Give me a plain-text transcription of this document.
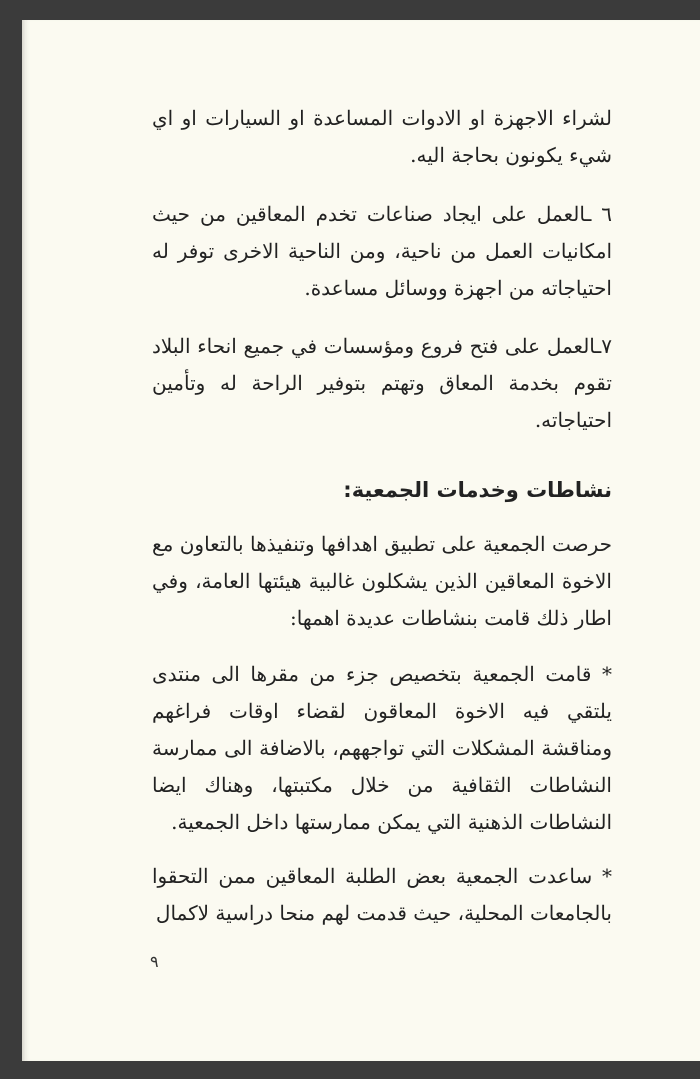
لشراء الاجهزة او الادوات المساعدة او السيارات او اي شيء يكونون بحاجة اليه.

٦ ـالعمل على ايجاد صناعات تخدم المعاقين من حيث امكانيات العمل من ناحية، ومن الناحية الاخرى توفر له احتياجاته من اجهزة ووسائل مساعدة.

٧ـالعمل على فتح فروع ومؤسسات في جميع انحاء البلاد تقوم بخدمة المعاق وتهتم بتوفير الراحة له وتأمين احتياجاته.

نشاطات وخدمات الجمعية:

حرصت الجمعية على تطبيق اهدافها وتنفيذها بالتعاون مع الاخوة المعاقين الذين يشكلون غالبية هيئتها العامة، وفي اطار ذلك قامت بنشاطات عديدة اهمها:

* قامت الجمعية بتخصيص جزء من مقرها الى منتدى يلتقي فيه الاخوة المعاقون لقضاء اوقات فراغهم ومناقشة المشكلات التي تواجههم، بالاضافة الى ممارسة النشاطات الثقافية من خلال مكتبتها، وهناك ايضا النشاطات الذهنية التي يمكن ممارستها داخل الجمعية.

* ساعدت الجمعية بعض الطلبة المعاقين ممن التحقوا بالجامعات المحلية، حيث قدمت لهم منحا دراسية لاكمال

٩
